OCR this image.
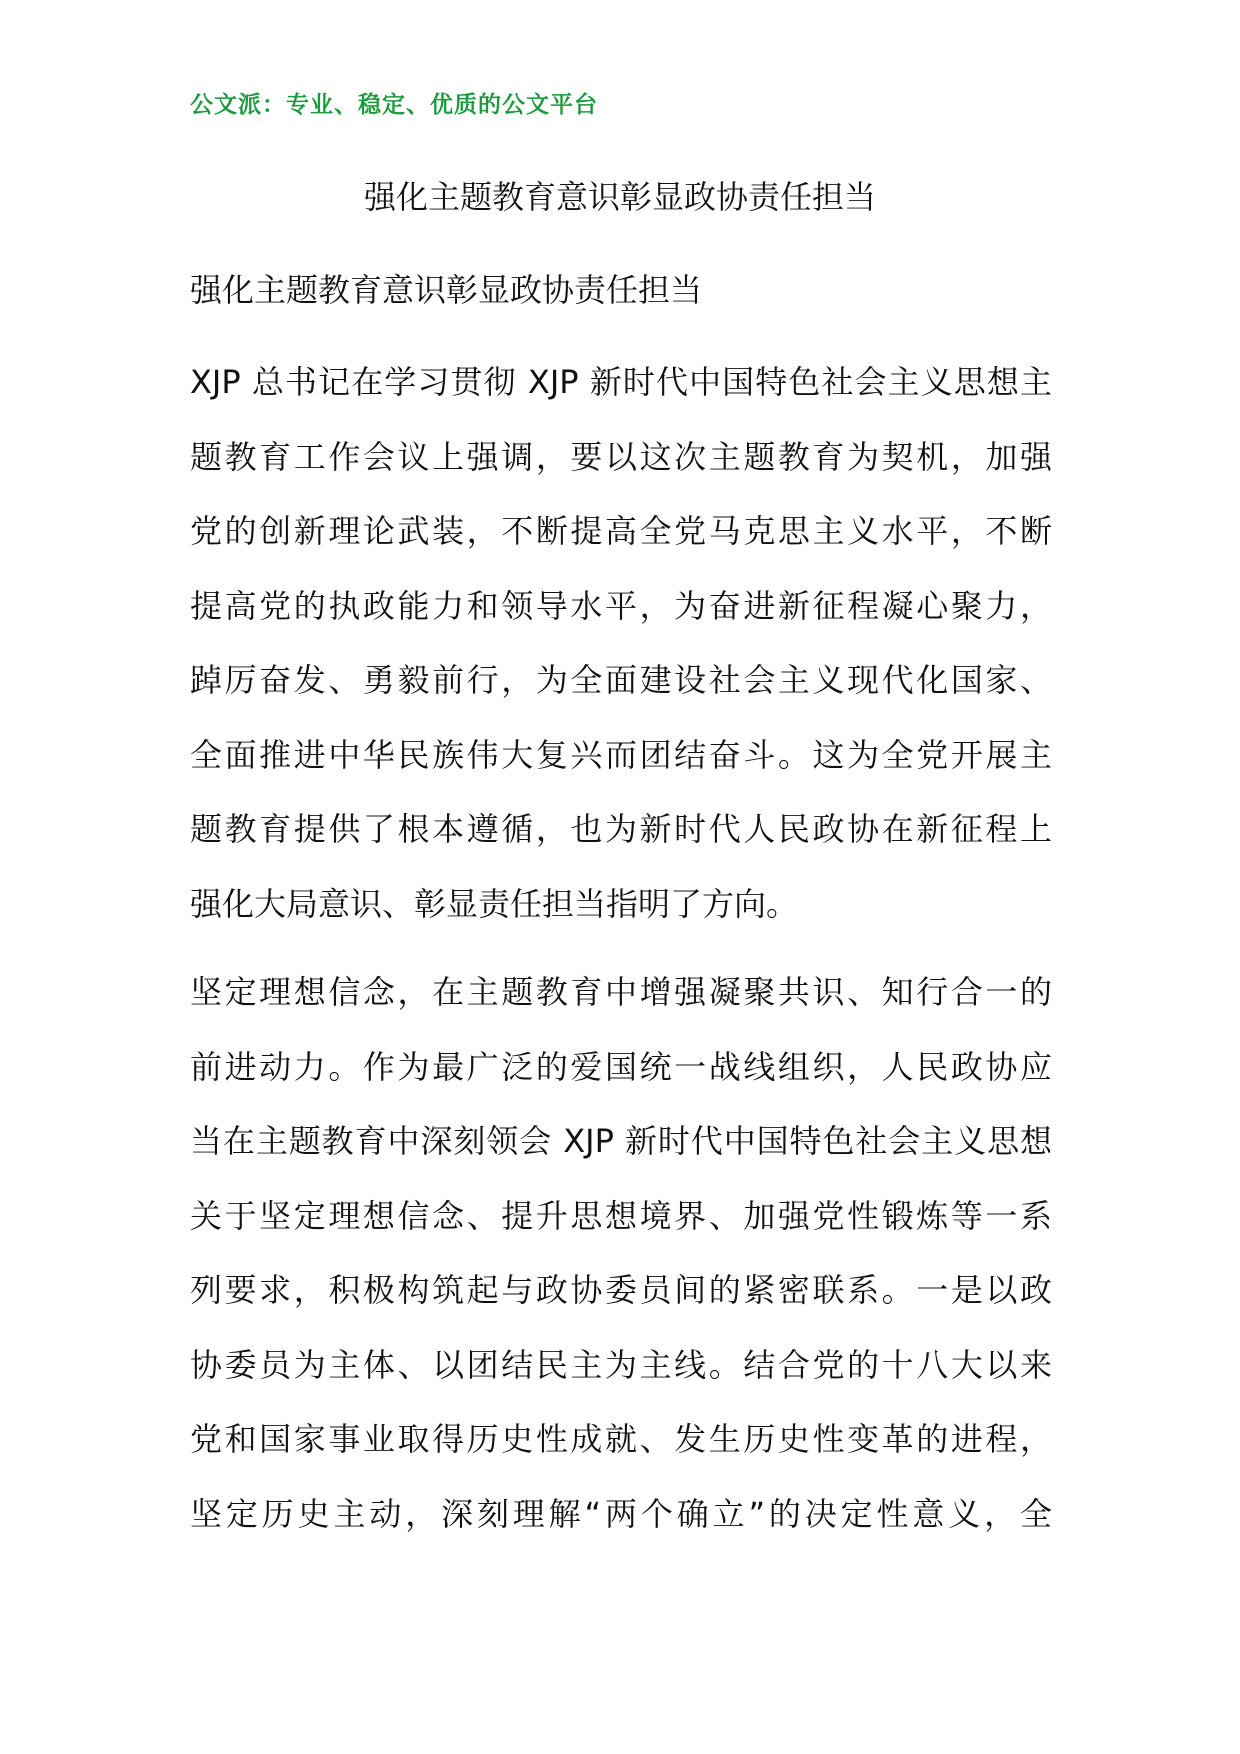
公文派：专业、稳定、优质的公文平台
强化主题教育意识彰显政协责任担当
强化主题教育意识彰显政协责任担当
XJP 总书记在学习贯彻 XJP 新时代中国特色社会主义思想主
题教育工作会议上强调，要以这次主题教育为契机，加强
党的创新理论武装，不断提高全党马克思主义水平，不断
提高党的执政能力和领导水平，为奋进新征程凝心聚力，
踔厉奋发、勇毅前行，为全面建设社会主义现代化国家、
全面推进中华民族伟大复兴而团结奋斗。这为全党开展主
题教育提供了根本遵循，也为新时代人民政协在新征程上
强化大局意识、彰显责任担当指明了方向。
坚定理想信念，在主题教育中增强凝聚共识、知行合一的
前进动力。作为最广泛的爱国统一战线组织，人民政协应
当在主题教育中深刻领会 XJP 新时代中国特色社会主义思想
关于坚定理想信念、提升思想境界、加强党性锻炼等一系
列要求，积极构筑起与政协委员间的紧密联系。一是以政
协委员为主体、以团结民主为主线。结合党的十八大以来
党和国家事业取得历史性成就、发生历史性变革的进程，
坚定历史主动，深刻理解“两个确立”的决定性意义，全
